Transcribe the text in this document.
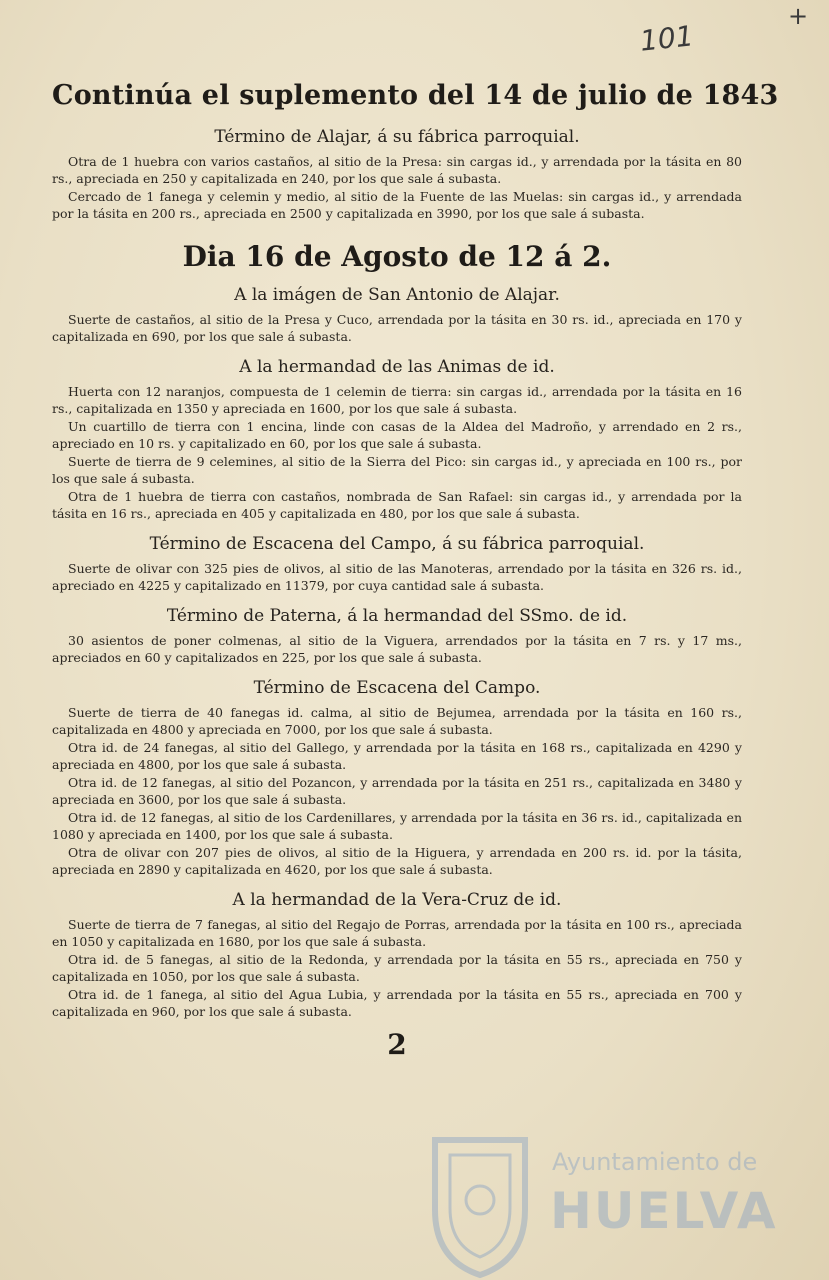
101
+
Continúa el suplemento del 14 de julio de 1843
Término de Alajar, á su fábrica parroquial.
Otra de 1 huebra con varios castaños, al sitio de la Presa: sin cargas id., y arrendada por la tásita en 80 rs., apreciada en 250 y capitalizada en 240, por los que sale á subasta.
Cercado de 1 fanega y celemin y medio, al sitio de la Fuente de las Muelas: sin cargas id., y arrendada por la tásita en 200 rs., apreciada en 2500 y capitalizada en 3990, por los que sale á subasta.
Dia 16 de Agosto de 12 á 2.
A la imágen de San Antonio de Alajar.
Suerte de castaños, al sitio de la Presa y Cuco, arrendada por la tásita en 30 rs. id., apreciada en 170 y capitalizada en 690, por los que sale á subasta.
A la hermandad de las Animas de id.
Huerta con 12 naranjos, compuesta de 1 celemin de tierra: sin cargas id., arrendada por la tásita en 16 rs., capitalizada en 1350 y apreciada en 1600, por los que sale á subasta.
Un cuartillo de tierra con 1 encina, linde con casas de la Aldea del Madroño, y arrendado en 2 rs., apreciado en 10 rs. y capitalizado en 60, por los que sale á subasta.
Suerte de tierra de 9 celemines, al sitio de la Sierra del Pico: sin cargas id., y apreciada en 100 rs., por los que sale á subasta.
Otra de 1 huebra de tierra con castaños, nombrada de San Rafael: sin cargas id., y arrendada por la tásita en 16 rs., apreciada en 405 y capitalizada en 480, por los que sale á subasta.
Término de Escacena del Campo, á su fábrica parroquial.
Suerte de olivar con 325 pies de olivos, al sitio de las Manoteras, arrendado por la tásita en 326 rs. id., apreciado en 4225 y capitalizado en 11379, por cuya cantidad sale á subasta.
Término de Paterna, á la hermandad del SSmo. de id.
30 asientos de poner colmenas, al sitio de la Viguera, arrendados por la tásita en 7 rs. y 17 ms., apreciados en 60 y capitalizados en 225, por los que sale á subasta.
Término de Escacena del Campo.
Suerte de tierra de 40 fanegas id. calma, al sitio de Bejumea, arrendada por la tásita en 160 rs., capitalizada en 4800 y apreciada en 7000, por los que sale á subasta.
Otra id. de 24 fanegas, al sitio del Gallego, y arrendada por la tásita en 168 rs., capitalizada en 4290 y apreciada en 4800, por los que sale á subasta.
Otra id. de 12 fanegas, al sitio del Pozancon, y arrendada por la tásita en 251 rs., capitalizada en 3480 y apreciada en 3600, por los que sale á subasta.
Otra id. de 12 fanegas, al sitio de los Cardenillares, y arrendada por la tásita en 36 rs. id., capitalizada en 1080 y apreciada en 1400, por los que sale á subasta.
Otra de olivar con 207 pies de olivos, al sitio de la Higuera, y arrendada en 200 rs. id. por la tásita, apreciada en 2890 y capitalizada en 4620, por los que sale á subasta.
A la hermandad de la Vera-Cruz de id.
Suerte de tierra de 7 fanegas, al sitio del Regajo de Porras, arrendada por la tásita en 100 rs., apreciada en 1050 y capitalizada en 1680, por los que sale á subasta.
Otra id. de 5 fanegas, al sitio de la Redonda, y arrendada por la tásita en 55 rs., apreciada en 750 y capitalizada en 1050, por los que sale á subasta.
Otra id. de 1 fanega, al sitio del Agua Lubia, y arrendada por la tásita en 55 rs., apreciada en 700 y capitalizada en 960, por los que sale á subasta.
2
Ayuntamiento de
HUELVA
